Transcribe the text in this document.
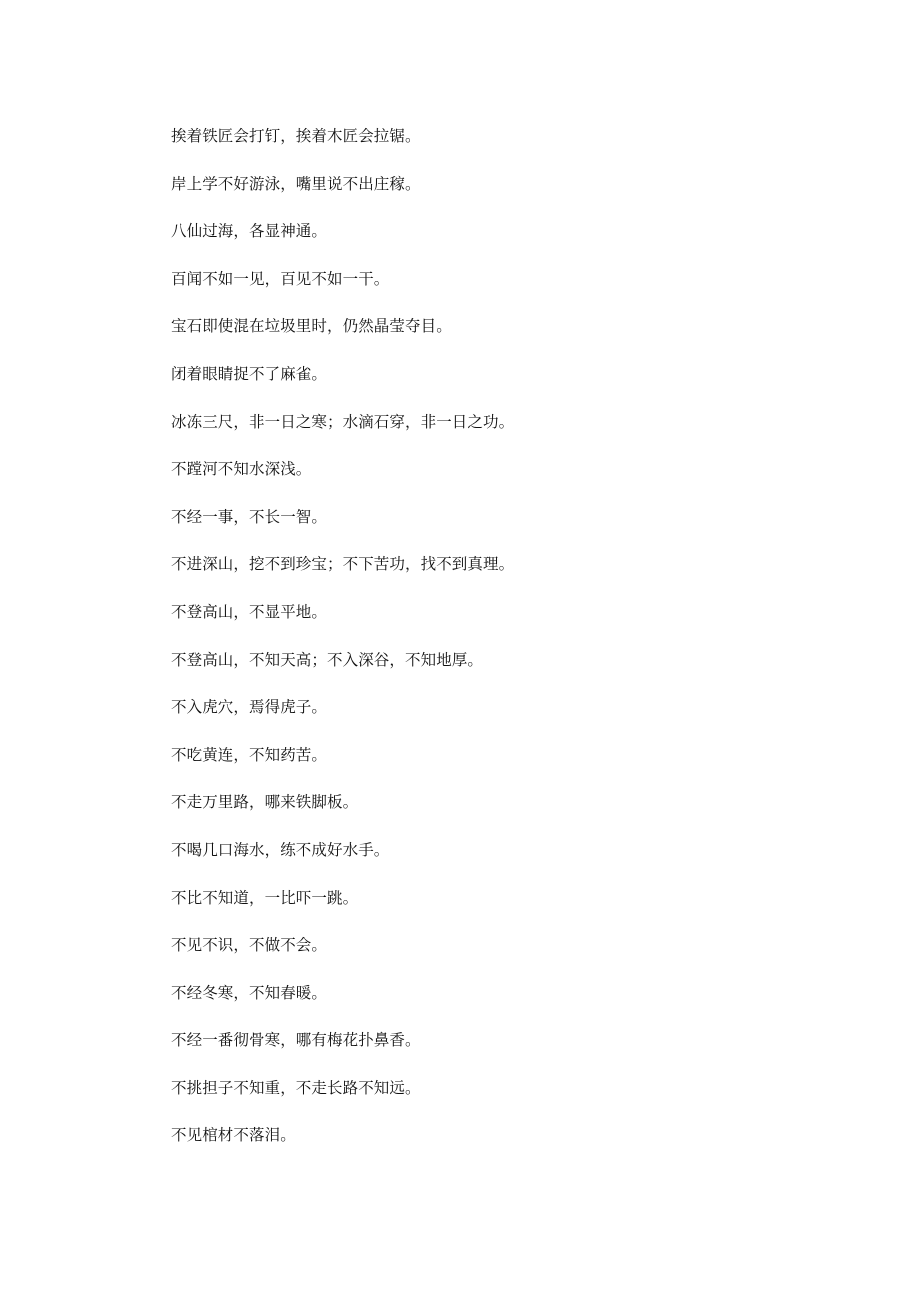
挨着铁匠会打钉，挨着木匠会拉锯。
岸上学不好游泳，嘴里说不出庄稼。
八仙过海，各显神通。
百闻不如一见，百见不如一干。
宝石即使混在垃圾里时，仍然晶莹夺目。
闭着眼睛捉不了麻雀。
冰冻三尺，非一日之寒；水滴石穿，非一日之功。
不蹚河不知水深浅。
不经一事，不长一智。
不进深山，挖不到珍宝；不下苦功，找不到真理。
不登高山，不显平地。
不登高山，不知天高；不入深谷，不知地厚。
不入虎穴，焉得虎子。
不吃黄连，不知药苦。
不走万里路，哪来铁脚板。
不喝几口海水，练不成好水手。
不比不知道，一比吓一跳。
不见不识，不做不会。
不经冬寒，不知春暖。
不经一番彻骨寒，哪有梅花扑鼻香。
不挑担子不知重，不走长路不知远。
不见棺材不落泪。
